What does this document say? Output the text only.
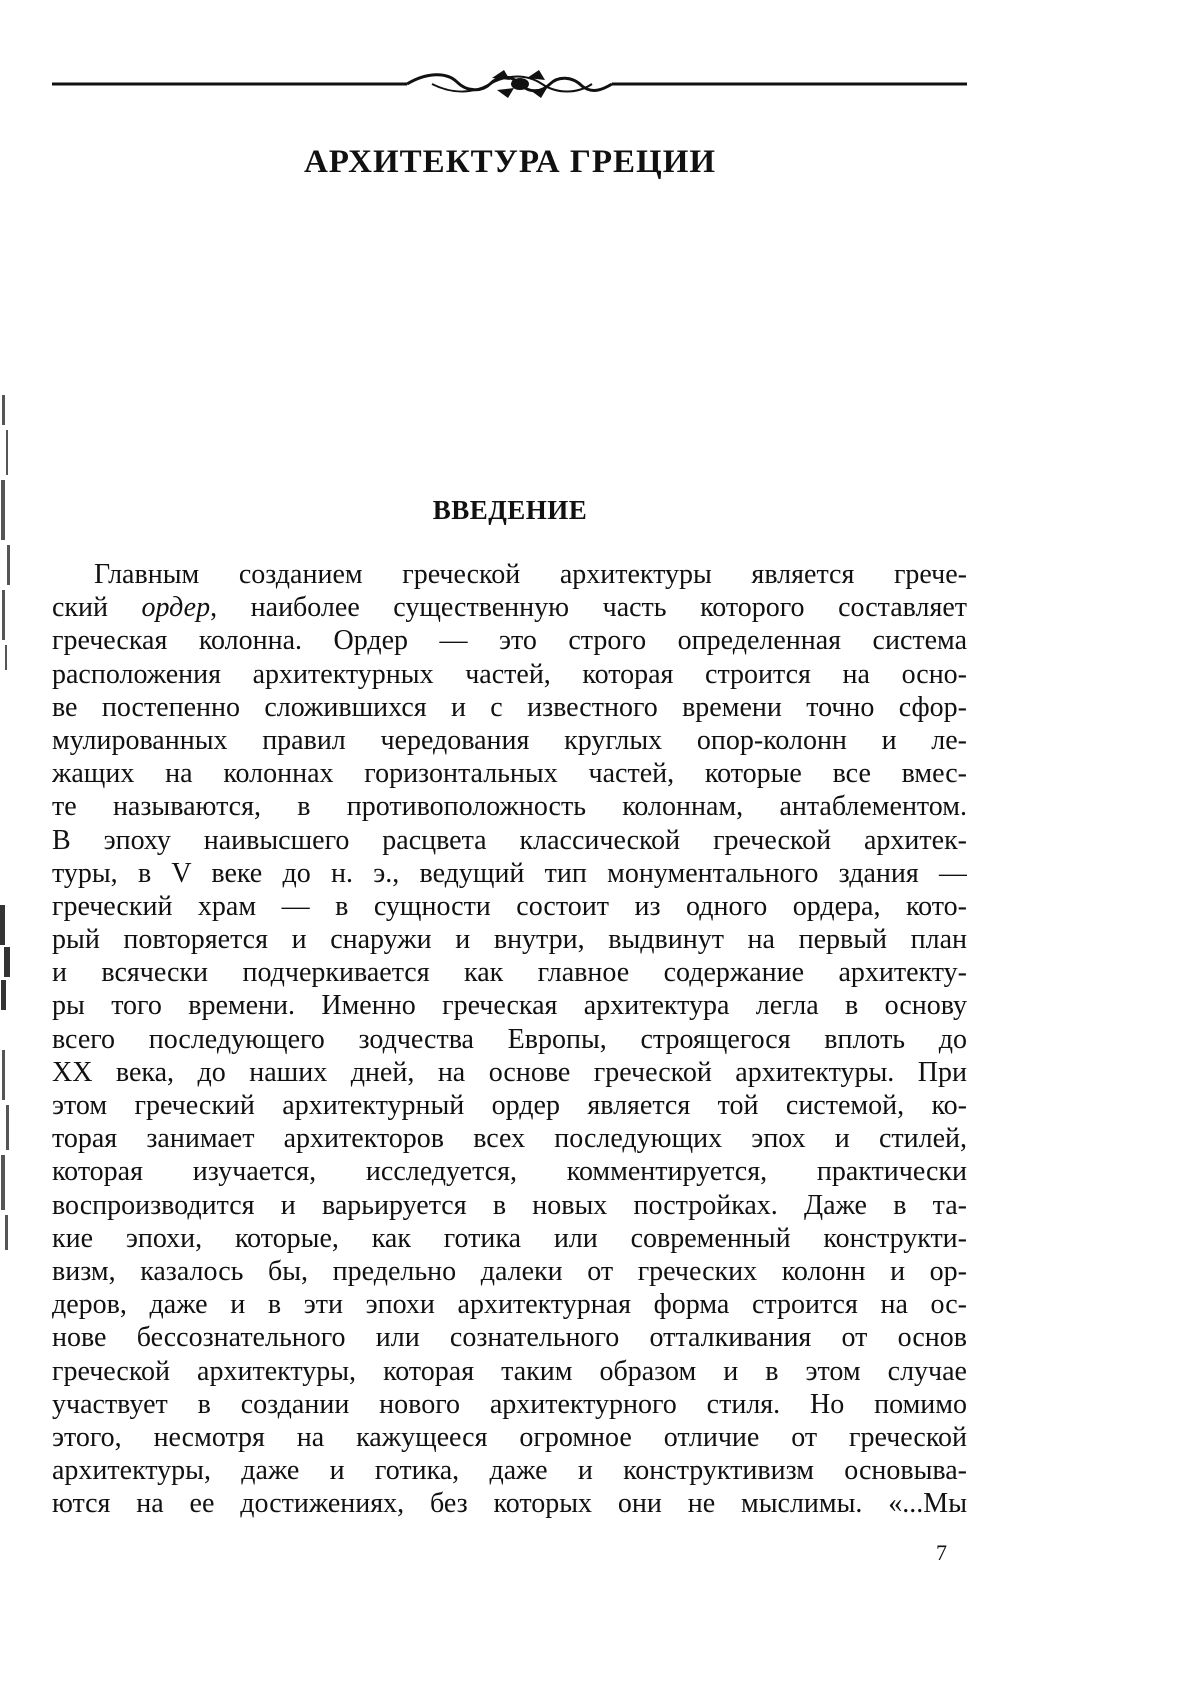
АРХИТЕКТУРА ГРЕЦИИ
ВВЕДЕНИЕ
Главным созданием греческой архитектуры является грече-
ский ордер, наиболее существенную часть которого составляет
греческая колонна. Ордер — это строго определенная система
расположения архитектурных частей, которая строится на осно-
ве постепенно сложившихся и с известного времени точно сфор-
мулированных правил чередования круглых опор-колонн и ле-
жащих на колоннах горизонтальных частей, которые все вмес-
те называются, в противоположность колоннам, антаблементом.
В эпоху наивысшего расцвета классической греческой архитек-
туры, в V веке до н. э., ведущий тип монументального здания —
греческий храм — в сущности состоит из одного ордера, кото-
рый повторяется и снаружи и внутри, выдвинут на первый план
и всячески подчеркивается как главное содержание архитекту-
ры того времени. Именно греческая архитектура легла в основу
всего последующего зодчества Европы, строящегося вплоть до
XX века, до наших дней, на основе греческой архитектуры. При
этом греческий архитектурный ордер является той системой, ко-
торая занимает архитекторов всех последующих эпох и стилей,
которая изучается, исследуется, комментируется, практически
воспроизводится и варьируется в новых постройках. Даже в та-
кие эпохи, которые, как готика или современный конструкти-
визм, казалось бы, предельно далеки от греческих колонн и ор-
деров, даже и в эти эпохи архитектурная форма строится на ос-
нове бессознательного или сознательного отталкивания от основ
греческой архитектуры, которая таким образом и в этом случае
участвует в создании нового архитектурного стиля. Но помимо
этого, несмотря на кажущееся огромное отличие от греческой
архитектуры, даже и готика, даже и конструктивизм основыва-
ются на ее достижениях, без которых они не мыслимы. «...Мы

7
